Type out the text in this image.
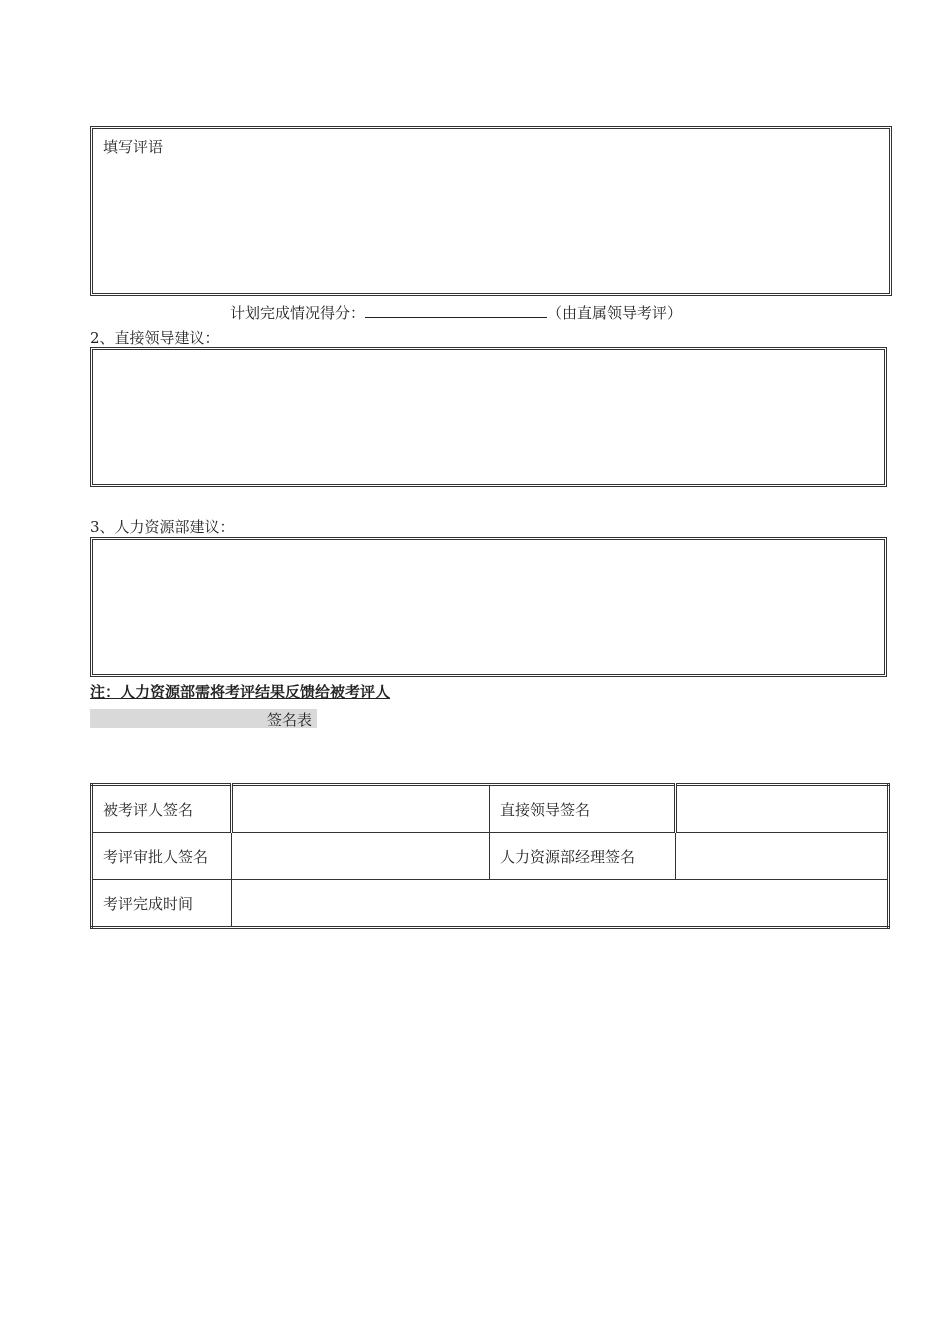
填写评语
计划完成情况得分：	（由直属领导考评）
2、直接领导建议：
3、人力资源部建议：
注：人力资源部需将考评结果反馈给被考评人
签名表
被考评人签名		直接领导签名	
考评审批人签名		人力资源部经理签名	
考评完成时间			
